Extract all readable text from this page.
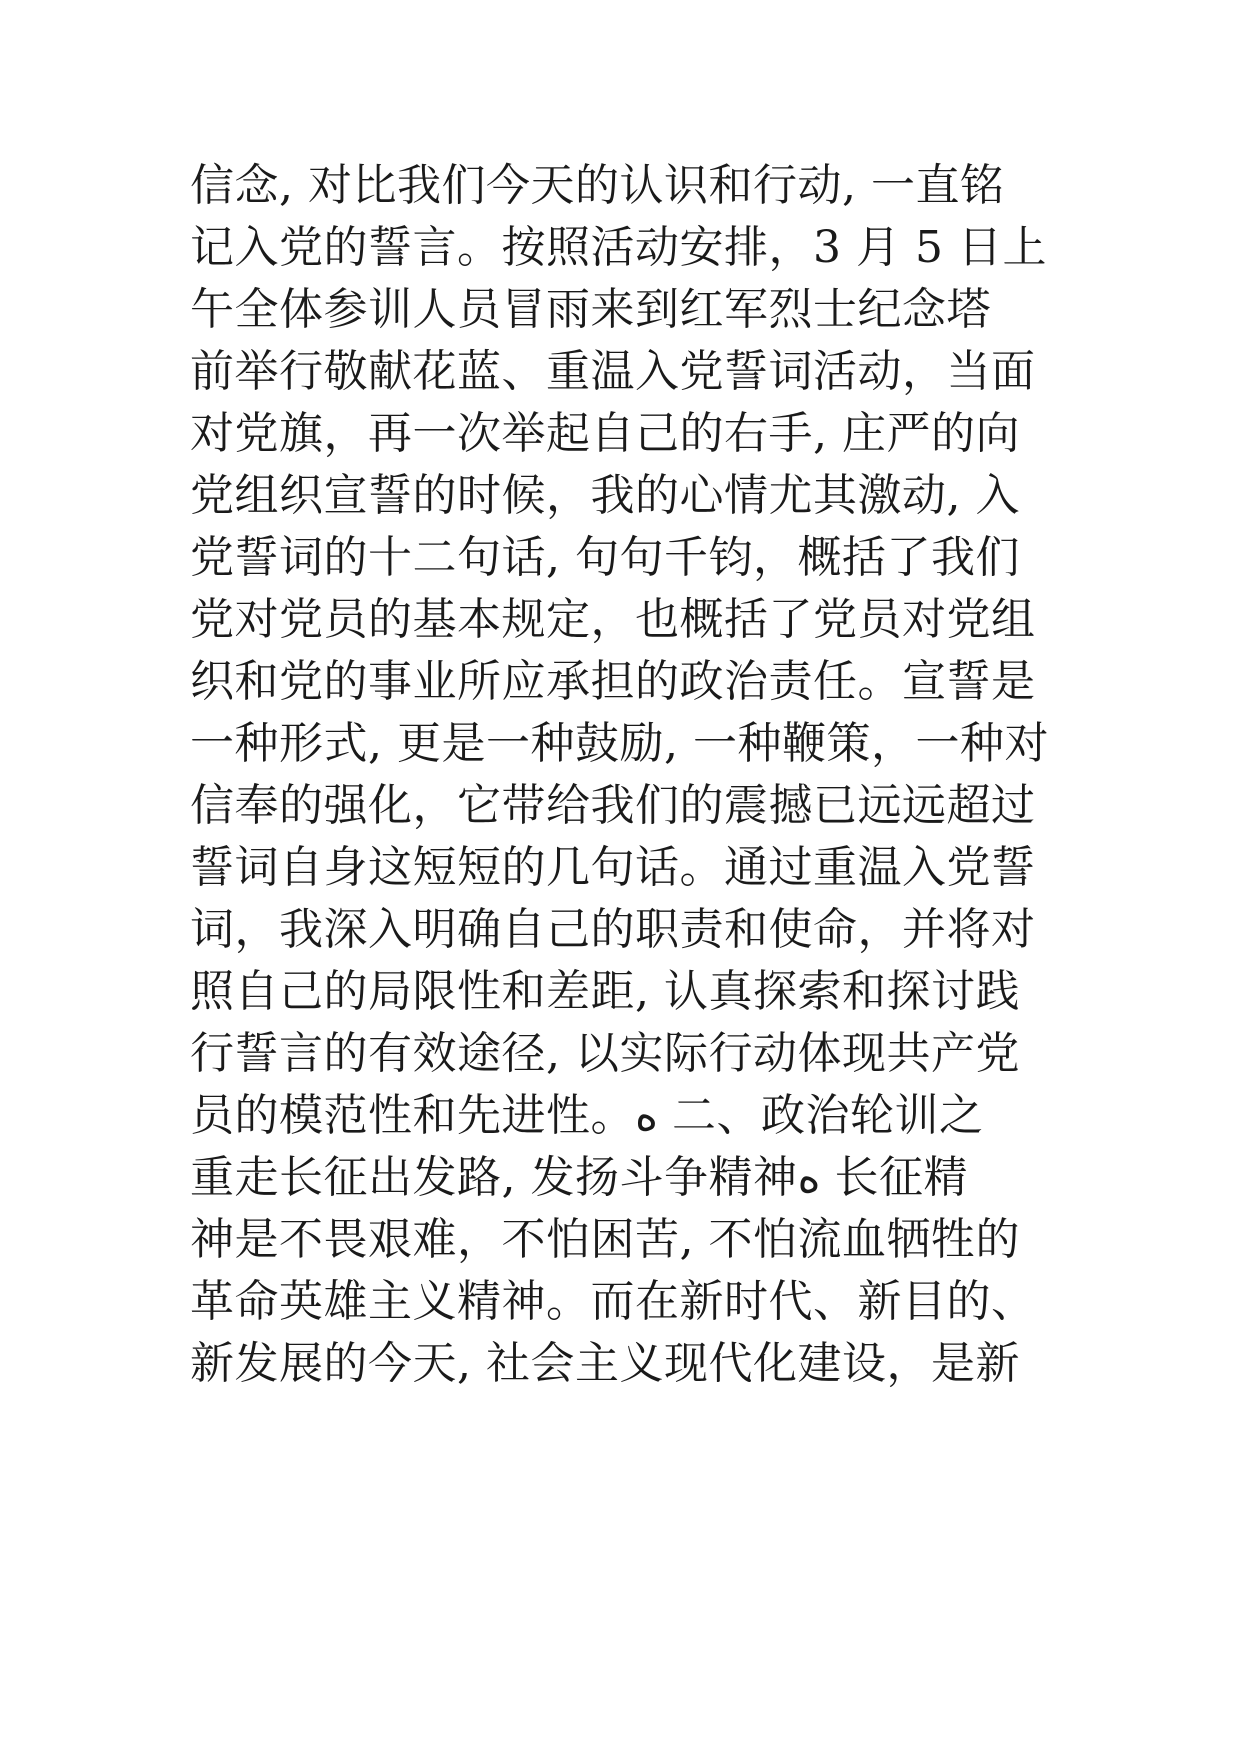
信念, 对比我们今天的认识和行动, 一直铭
记入党的誓言。按照活动安排，3 月 5 日上
午全体参训人员冒雨来到红军烈士纪念塔
前举行敬献花蓝、重温入党誓词活动，当面
对党旗，再一次举起自己的右手, 庄严的向
党组织宣誓的时候，我的心情尤其激动, 入
党誓词的十二句话, 句句千钧，概括了我们
党对党员的基本规定，也概括了党员对党组
织和党的事业所应承担的政治责任。宣誓是
一种形式, 更是一种鼓励, 一种鞭策，一种对
信奉的强化，它带给我们的震撼已远远超过
誓词自身这短短的几句话。通过重温入党誓
词，我深入明确自己的职责和使命，并将对
照自己的局限性和差距, 认真探索和探讨践
行誓言的有效途径, 以实际行动体现共产党
员的模范性和先进性。ﻩ 二、政治轮训之
重走长征出发路, 发扬斗争精神ﻩ 长征精
神是不畏艰难，不怕困苦, 不怕流血牺牲的
革命英雄主义精神。而在新时代、新目的、
新发展的今天, 社会主义现代化建设，是新
